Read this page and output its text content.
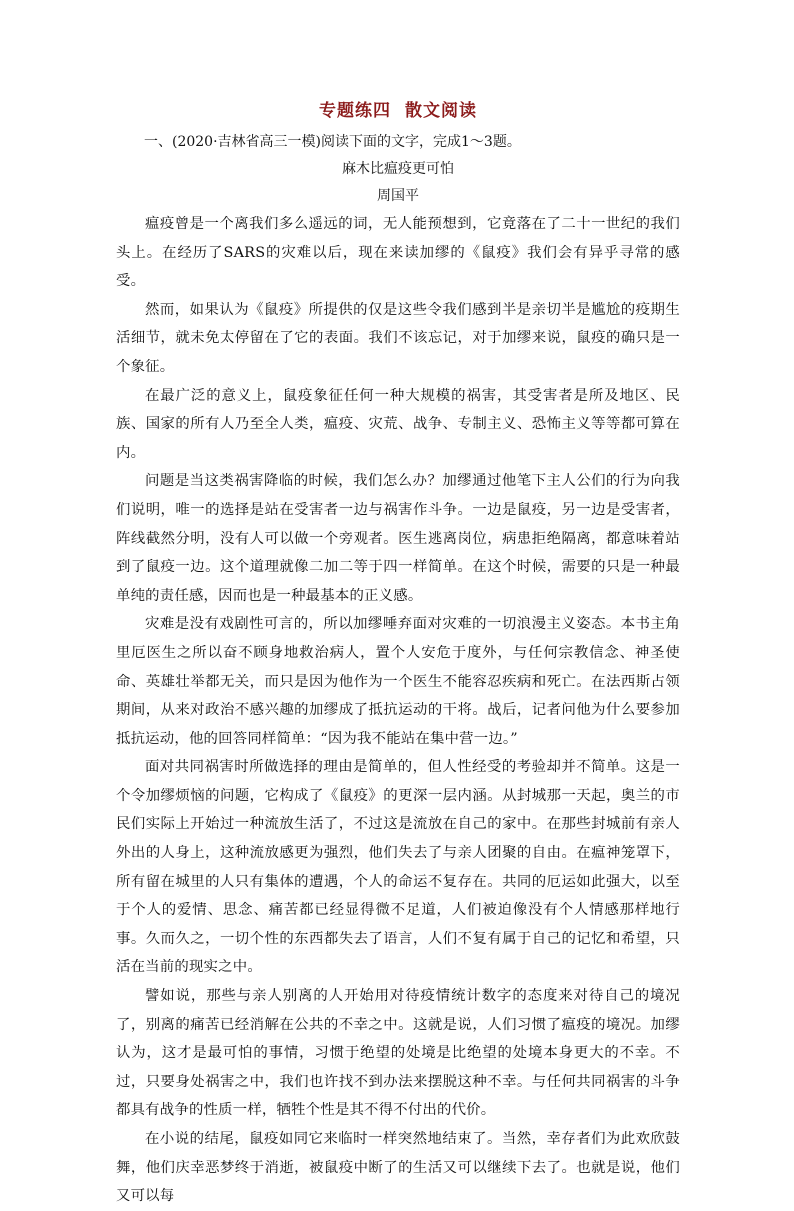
专题练四 散文阅读

一、(2020·吉林省高三一模)阅读下面的文字，完成1～3题。

麻木比瘟疫更可怕

周国平

瘟疫曾是一个离我们多么遥远的词，无人能预想到，它竟落在了二十一世纪的我们头上。在经历了SARS的灾难以后，现在来读加缪的《鼠疫》我们会有异乎寻常的感受。

然而，如果认为《鼠疫》所提供的仅是这些令我们感到半是亲切半是尴尬的疫期生活细节，就未免太停留在了它的表面。我们不该忘记，对于加缪来说，鼠疫的确只是一个象征。

在最广泛的意义上，鼠疫象征任何一种大规模的祸害，其受害者是所及地区、民族、国家的所有人乃至全人类，瘟疫、灾荒、战争、专制主义、恐怖主义等等都可算在内。

问题是当这类祸害降临的时候，我们怎么办？加缪通过他笔下主人公们的行为向我们说明，唯一的选择是站在受害者一边与祸害作斗争。一边是鼠疫，另一边是受害者，阵线截然分明，没有人可以做一个旁观者。医生逃离岗位，病患拒绝隔离，都意味着站到了鼠疫一边。这个道理就像二加二等于四一样简单。在这个时候，需要的只是一种最单纯的责任感，因而也是一种最基本的正义感。

灾难是没有戏剧性可言的，所以加缪唾弃面对灾难的一切浪漫主义姿态。本书主角里厄医生之所以奋不顾身地救治病人，置个人安危于度外，与任何宗教信念、神圣使命、英雄壮举都无关，而只是因为他作为一个医生不能容忍疾病和死亡。在法西斯占领期间，从来对政治不感兴趣的加缪成了抵抗运动的干将。战后，记者问他为什么要参加抵抗运动，他的回答同样简单：“因为我不能站在集中营一边。”

面对共同祸害时所做选择的理由是简单的，但人性经受的考验却并不简单。这是一个令加缪烦恼的问题，它构成了《鼠疫》的更深一层内涵。从封城那一天起，奥兰的市民们实际上开始过一种流放生活了，不过这是流放在自己的家中。在那些封城前有亲人外出的人身上，这种流放感更为强烈，他们失去了与亲人团聚的自由。在瘟神笼罩下，所有留在城里的人只有集体的遭遇，个人的命运不复存在。共同的厄运如此强大，以至于个人的爱情、思念、痛苦都已经显得微不足道，人们被迫像没有个人情感那样地行事。久而久之，一切个性的东西都失去了语言，人们不复有属于自己的记忆和希望，只活在当前的现实之中。

譬如说，那些与亲人别离的人开始用对待疫情统计数字的态度来对待自己的境况了，别离的痛苦已经消解在公共的不幸之中。这就是说，人们习惯了瘟疫的境况。加缪认为，这才是最可怕的事情，习惯于绝望的处境是比绝望的处境本身更大的不幸。不过，只要身处祸害之中，我们也许找不到办法来摆脱这种不幸。与任何共同祸害的斗争都具有战争的性质一样，牺牲个性是其不得不付出的代价。

在小说的结尾，鼠疫如同它来临时一样突然地结束了。当然，幸存者们为此欢欣鼓舞，他们庆幸恶梦终于消逝，被鼠疫中断了的生活又可以继续下去了。也就是说，他们又可以每
